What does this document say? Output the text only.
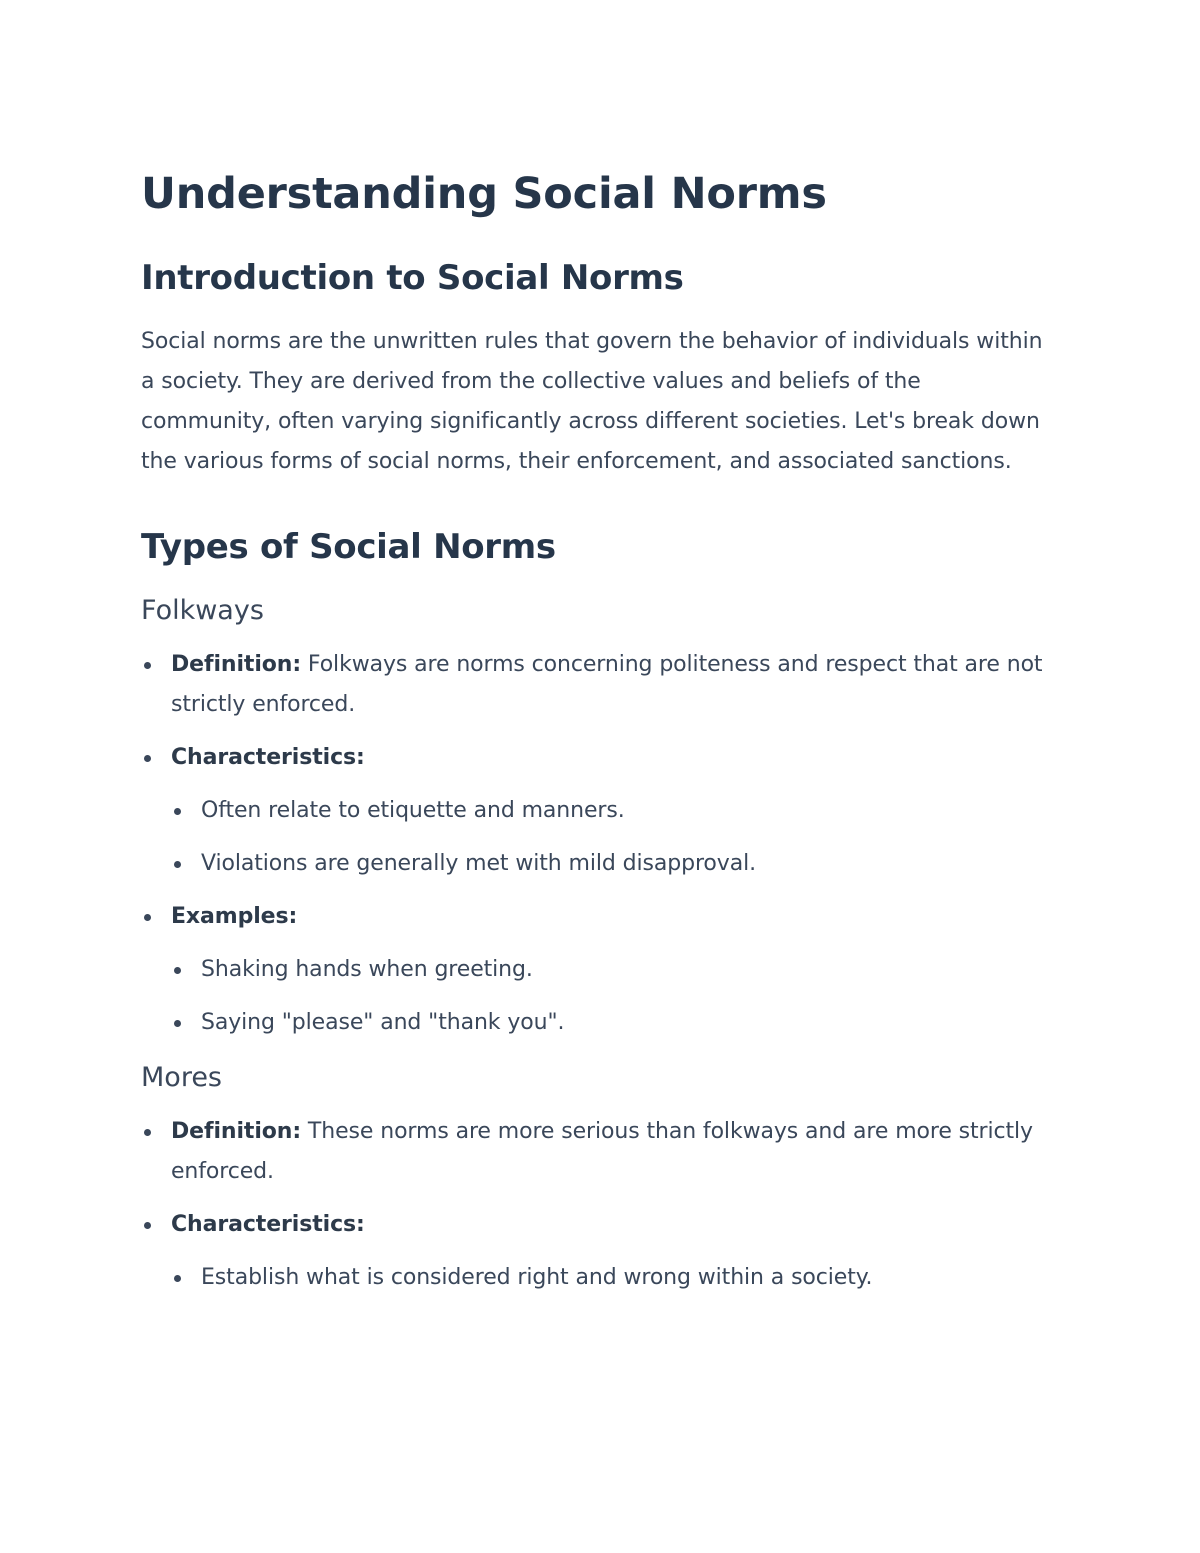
Understanding Social Norms
Introduction to Social Norms

Social norms are the unwritten rules that govern the behavior of individuals within a society. They are derived from the collective values and beliefs of the community, often varying significantly across different societies. Let's break down the various forms of social norms, their enforcement, and associated sanctions.

Types of Social Norms
Folkways
Definition: Folkways are norms concerning politeness and respect that are not strictly enforced.
Characteristics:
Often relate to etiquette and manners.
Violations are generally met with mild disapproval.
Examples:
Shaking hands when greeting.
Saying "please" and "thank you".
Mores
Definition: These norms are more serious than folkways and are more strictly enforced.
Characteristics:
Establish what is considered right and wrong within a society.
